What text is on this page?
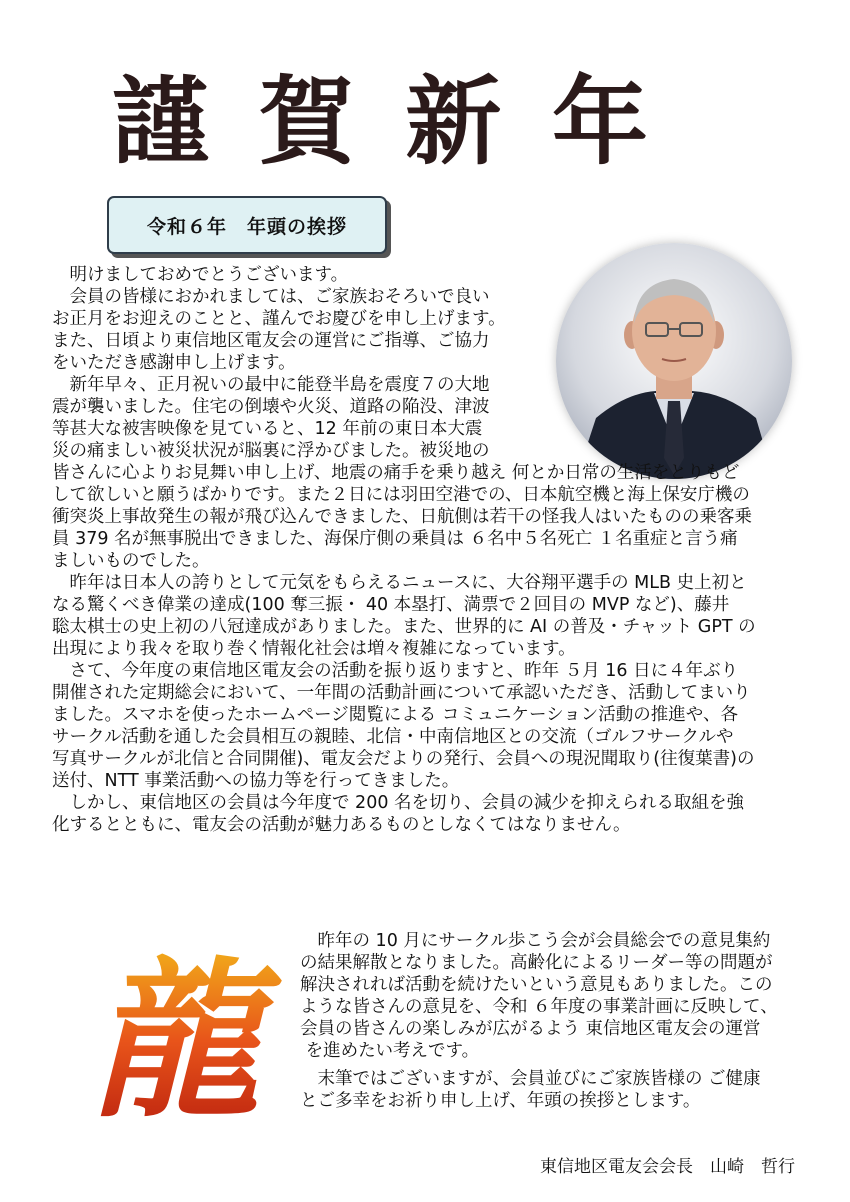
謹 賀 新 年
令和６年　年頭の挨拶
　明けましておめでとうございます。
　会員の皆様におかれましては、ご家族おそろいで良い
お正月をお迎えのことと、謹んでお慶びを申し上げます。
また、日頃より東信地区電友会の運営にご指導、ご協力
をいただき感謝申し上げます。
　新年早々、正月祝いの最中に能登半島を震度７の大地
震が襲いました。住宅の倒壊や火災、道路の陥没、津波
等甚大な被害映像を見ていると、12 年前の東日本大震
災の痛ましい被災状況が脳裏に浮かびました。被災地の
皆さんに心よりお見舞い申し上げ、地震の痛手を乗り越え 何とか日常の生活をとりもど
して欲しいと願うばかりです。また２日には羽田空港での、日本航空機と海上保安庁機の
衝突炎上事故発生の報が飛び込んできました、日航側は若干の怪我人はいたものの乗客乗
員 379 名が無事脱出できました、海保庁側の乗員は ６名中５名死亡 １名重症と言う痛
ましいものでした。
　昨年は日本人の誇りとして元気をもらえるニュースに、大谷翔平選手の MLB 史上初と
なる驚くべき偉業の達成(100 奪三振・ 40 本塁打、満票で２回目の MVP など)、藤井
聡太棋士の史上初の八冠達成がありました。また、世界的に AI の普及・チャット GPT の
出現により我々を取り巻く情報化社会は増々複雑になっています。
　さて、今年度の東信地区電友会の活動を振り返りますと、昨年 ５月 16 日に４年ぶり
開催された定期総会において、一年間の活動計画について承認いただき、活動してまいり
ました。スマホを使ったホームページ閲覧による コミュニケーション活動の推進や、各
サークル活動を通した会員相互の親睦、北信・中南信地区との交流（ゴルフサークルや
写真サークルが北信と合同開催)、電友会だよりの発行、会員への現況聞取り(往復葉書)の
送付、NTT 事業活動への協力等を行ってきました。
　しかし、東信地区の会員は今年度で 200 名を切り、会員の減少を抑えられる取組を強
化するとともに、電友会の活動が魅力あるものとしなくてはなりません。
龍	　昨年の 10 月にサークル歩こう会が会員総会での意見集約
の結果解散となりました。高齢化によるリーダー等の問題が
解決されれば活動を続けたいという意見もありました。この
ような皆さんの意見を、令和 ６年度の事業計画に反映して、
会員の皆さんの楽しみが広がるよう 東信地区電友会の運営
を進めたい考えです。
　末筆ではございますが、会員並びにご家族皆様の ご健康
とご多幸をお祈り申し上げ、年頭の挨拶とします。
東信地区電友会会長　山崎　哲行
